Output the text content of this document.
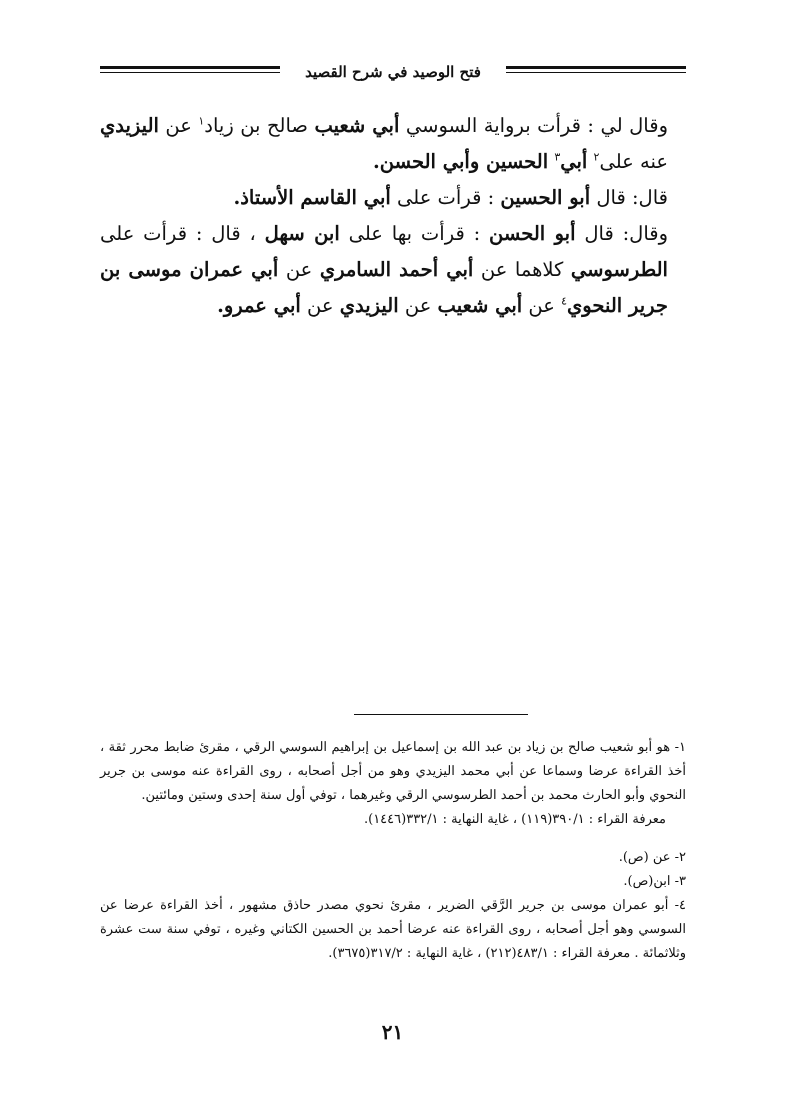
فتح الوصيد في شرح القصيد

وقال لي : قرأت برواية السوسي أبي شعيب صالح بن زياد$^١$ عن اليزيدي عنه على$^٢$ أبي$^٣$ الحسين وأبي الحسن.

قال: قال أبو الحسين : قرأت على أبي القاسم الأستاذ.

وقال: قال أبو الحسن : قرأت بها على ابن سهل ، قال : قرأت على الطرسوسي كلاهما عن أبي أحمد السامري عن أبي عمران موسى بن جرير النحوي$^٤$ عن أبي شعيب عن اليزيدي عن أبي عمرو.

١- هو أبو شعيب صالح بن زياد بن عبد الله بن إسماعيل بن إبراهيم السوسي الرقي ، مقرئ ضابط محرر ثقة ، أخذ القراءة عرضا وسماعا عن أبي محمد اليزيدي وهو من أجل أصحابه ، روى القراءة عنه موسى بن جرير النحوي وأبو الحارث محمد بن أحمد الطرسوسي الرقي وغيرهما ، توفي أول سنة إحدى وستين ومائتين.

معرفة القراء : ٣٩٠/١(١١٩) ، غاية النهاية : ٣٣٢/١(١٤٤٦).

٢- عن (ص).

٣- ابن(ص).

٤- أبو عمران موسى بن جرير الرَّقي الضرير ، مقرئ نحوي مصدر حاذق مشهور ، أخذ القراءة عرضا عن السوسي وهو أجل أصحابه ، روى القراءة عنه عرضا أحمد بن الحسين الكتاني وغيره ، توفي سنة ست عشرة وثلاثمائة . معرفة القراء : ٤٨٣/١(٢١٢) ، غاية النهاية : ٣١٧/٢(٣٦٧٥).

٢١
